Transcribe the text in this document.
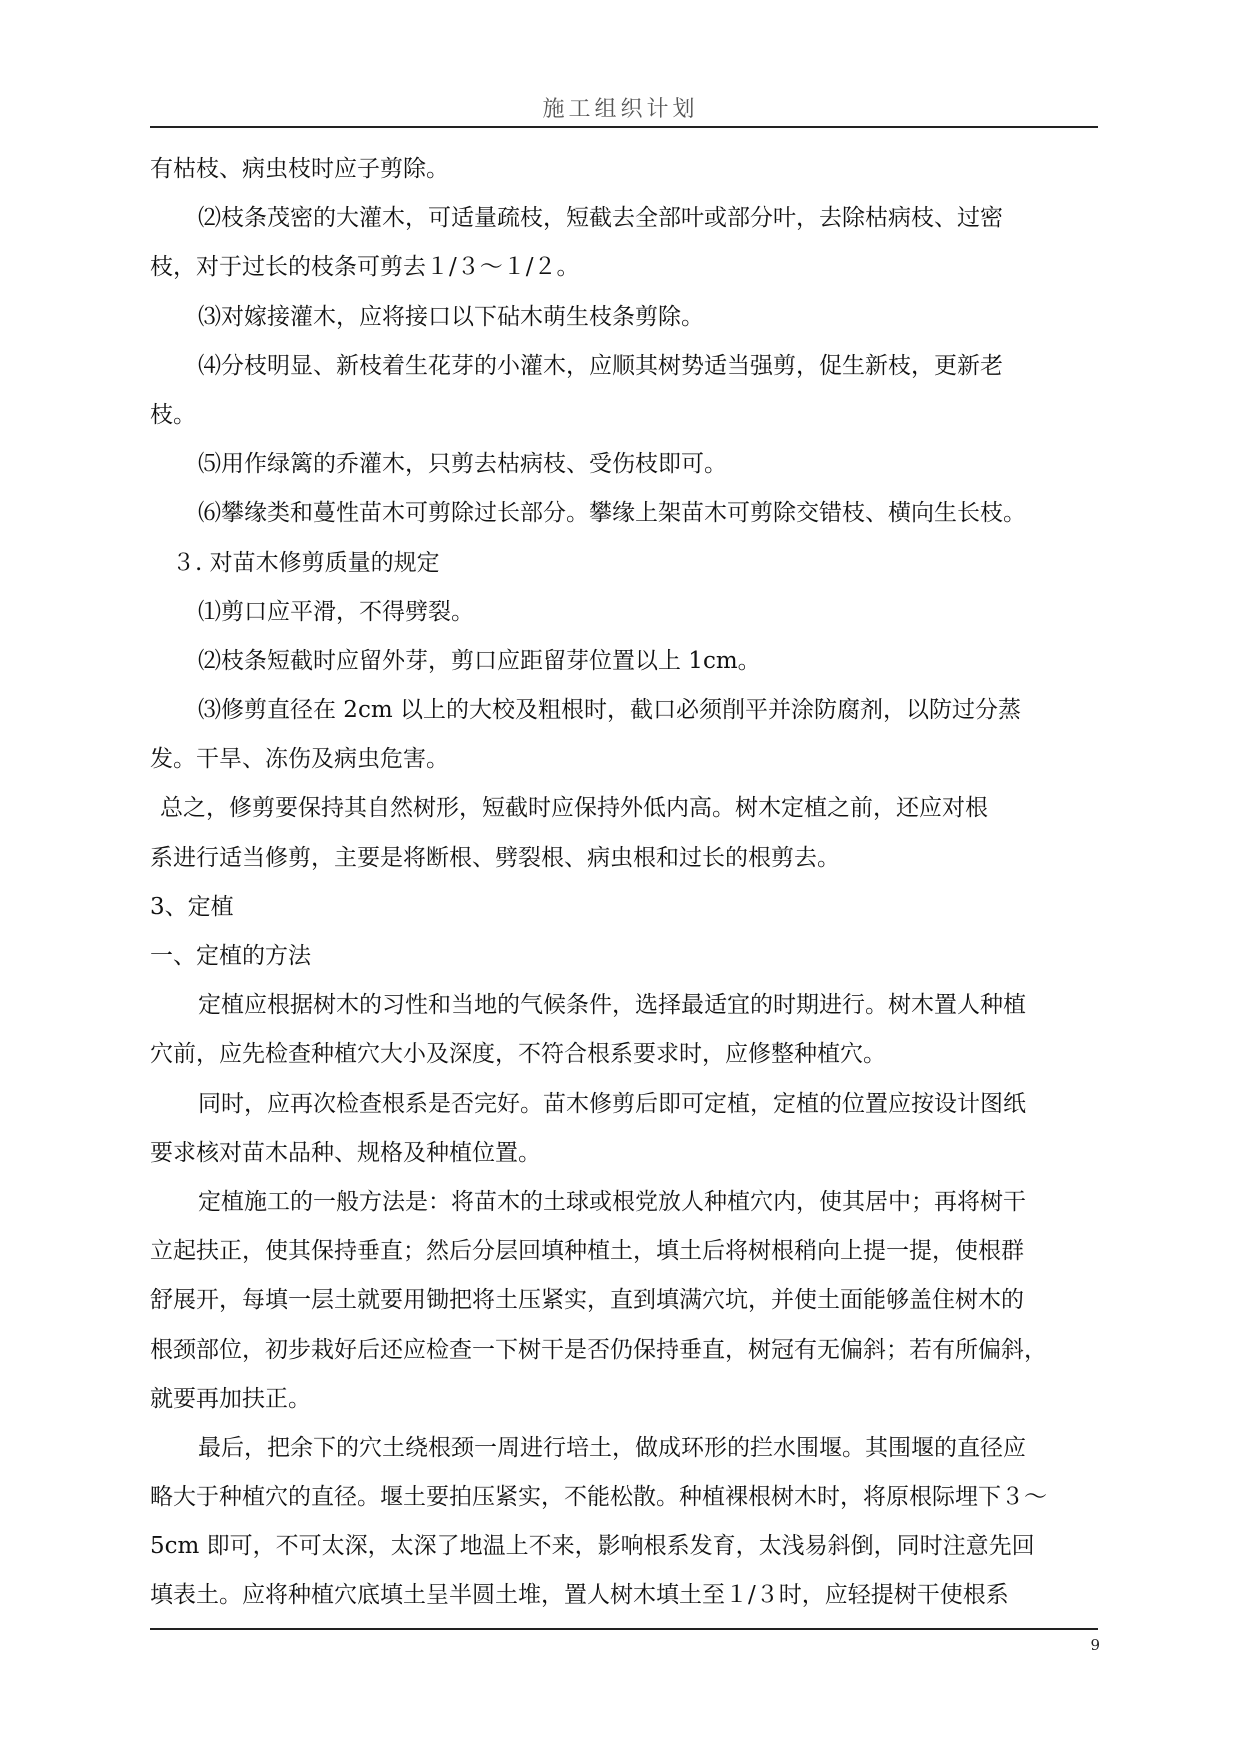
施工组织计划
有枯枝、病虫枝时应子剪除。
⑵枝条茂密的大灌木，可适量疏枝，短截去全部叶或部分叶，去除枯病枝、过密
枝，对于过长的枝条可剪去１/３～１/２。
⑶对嫁接灌木，应将接口以下砧木萌生枝条剪除。
⑷分枝明显、新枝着生花芽的小灌木，应顺其树势适当强剪，促生新枝，更新老
枝。
⑸用作绿篱的乔灌木，只剪去枯病枝、受伤枝即可。
⑹攀缘类和蔓性苗木可剪除过长部分。攀缘上架苗木可剪除交错枝、横向生长枝。
３. 对苗木修剪质量的规定
⑴剪口应平滑，不得劈裂。
⑵枝条短截时应留外芽，剪口应距留芽位置以上 1cm。
⑶修剪直径在 2cm 以上的大校及粗根时，截口必须削平并涂防腐剂，以防过分蒸
发。干旱、冻伤及病虫危害。
总之，修剪要保持其自然树形，短截时应保持外低内高。树木定植之前，还应对根
系进行适当修剪，主要是将断根、劈裂根、病虫根和过长的根剪去。
3、定植
一、定植的方法
定植应根据树木的习性和当地的气候条件，选择最适宜的时期进行。树木置人种植
穴前，应先检查种植穴大小及深度，不符合根系要求时，应修整种植穴。
同时，应再次检查根系是否完好。苗木修剪后即可定植，定植的位置应按设计图纸
要求核对苗木品种、规格及种植位置。
定植施工的一般方法是：将苗木的土球或根党放人种植穴内，使其居中；再将树干
立起扶正，使其保持垂直；然后分层回填种植土，填土后将树根稍向上提一提，使根群
舒展开，每填一层土就要用锄把将土压紧实，直到填满穴坑，并使土面能够盖住树木的
根颈部位，初步栽好后还应检查一下树干是否仍保持垂直，树冠有无偏斜；若有所偏斜，
就要再加扶正。
最后，把余下的穴土绕根颈一周进行培土，做成环形的拦水围堰。其围堰的直径应
略大于种植穴的直径。堰土要拍压紧实，不能松散。种植裸根树木时，将原根际埋下３～
5cm 即可，不可太深，太深了地温上不来，影响根系发育，太浅易斜倒，同时注意先回
填表土。应将种植穴底填土呈半圆土堆，置人树木填土至１/３时，应轻提树干使根系
9
